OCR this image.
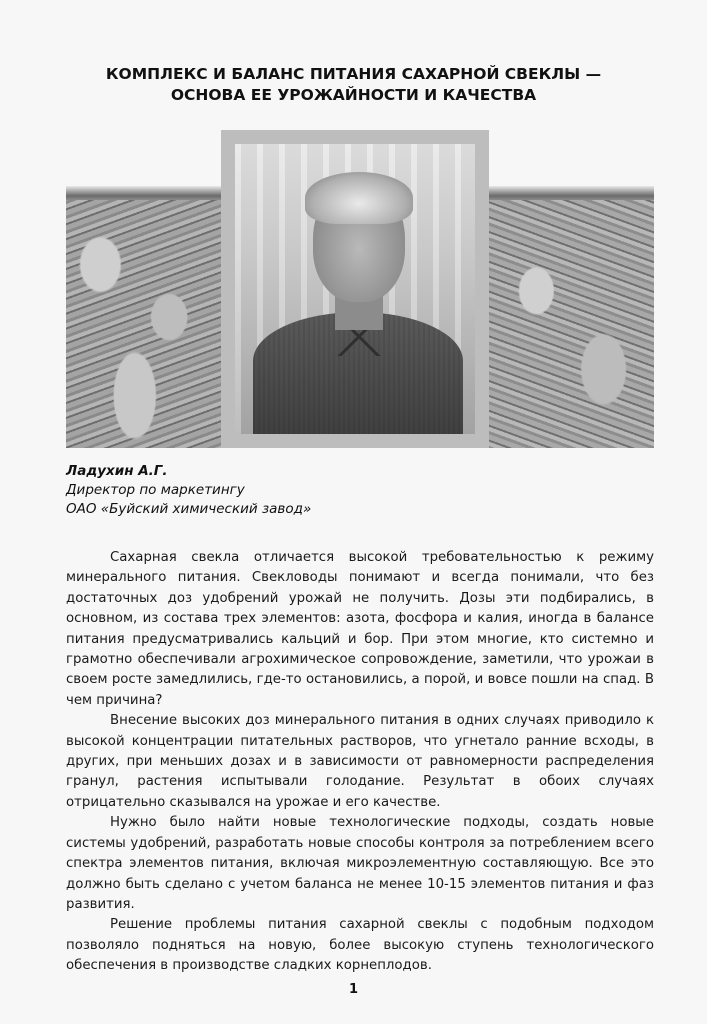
КОМПЛЕКС И БАЛАНС ПИТАНИЯ САХАРНОЙ СВЕКЛЫ —
ОСНОВА ЕЕ УРОЖАЙНОСТИ И КАЧЕСТВА
Ладухин А.Г.
Директор по маркетингу
ОАО «Буйский химический завод»

Сахарная свекла отличается высокой требовательностью к режиму минерального питания. Свекловоды понимают и всегда понимали, что без достаточных доз удобрений урожай не получить. Дозы эти подбирались, в основном, из состава трех элементов: азота, фосфора и калия, иногда в балансе питания предусматривались кальций и бор. При этом многие, кто системно и грамотно обеспечивали агрохимическое сопровождение, заметили, что урожаи в своем росте замедлились, где-то остановились, а порой, и вовсе пошли на спад. В чем причина?

Внесение высоких доз минерального питания в одних случаях приводило к высокой концентрации питательных растворов, что угнетало ранние всходы, в других, при меньших дозах и в зависимости от равномерности распределения гранул, растения испытывали голодание. Результат в обоих случаях отрицательно сказывался на урожае и его качестве.

Нужно было найти новые технологические подходы, создать новые системы удобрений, разработать новые способы контроля за потреблением всего спектра элементов питания, включая микроэлементную составляющую. Все это должно быть сделано с учетом баланса не менее 10-15 элементов питания и фаз развития.

Решение проблемы питания сахарной свеклы с подобным подходом позволяло подняться на новую, более высокую ступень технологического обеспечения в производстве сладких корнеплодов.

1
